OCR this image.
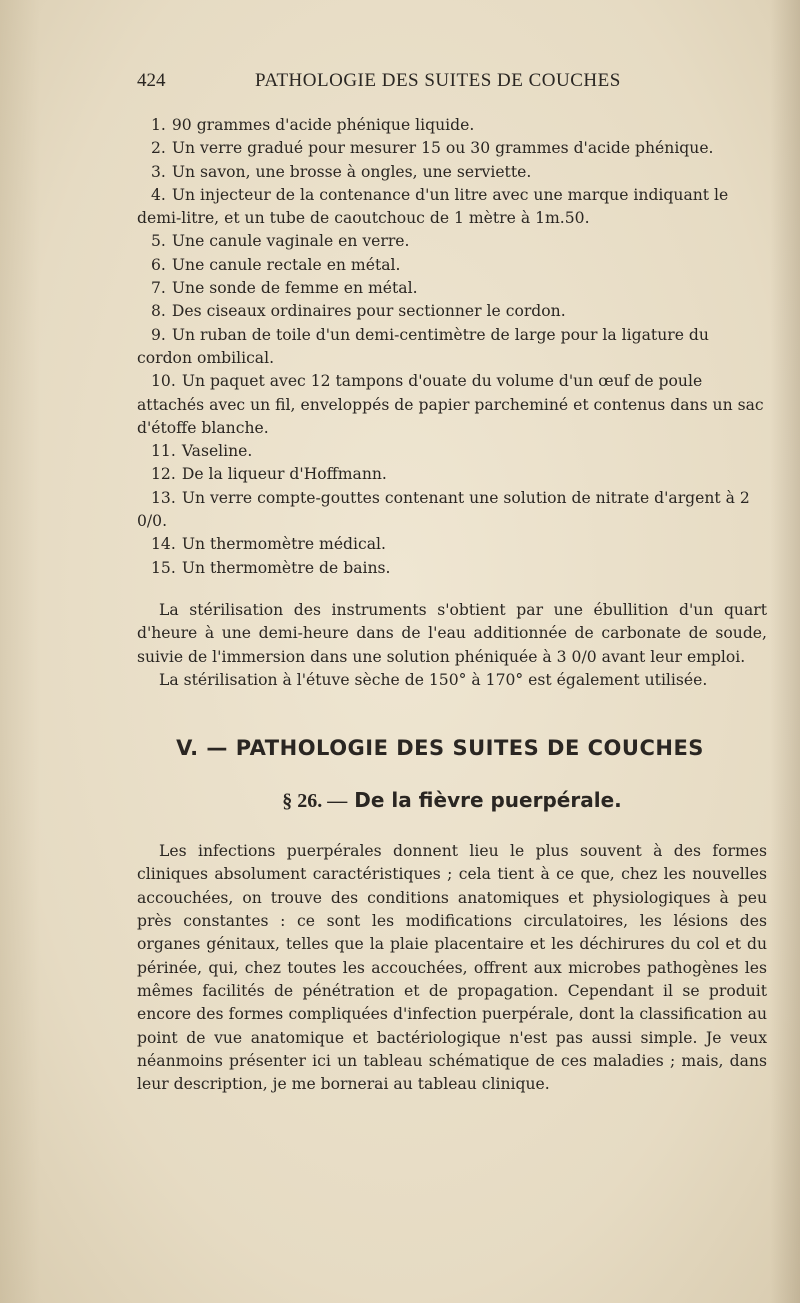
424	PATHOLOGIE DES SUITES DE COUCHES
1. 90 grammes d'acide phénique liquide.
2. Un verre gradué pour mesurer 15 ou 30 grammes d'acide phénique.
3. Un savon, une brosse à ongles, une serviette.
4. Un injecteur de la contenance d'un litre avec une marque indiquant le demi-litre, et un tube de caoutchouc de 1 mètre à 1m.50.
5. Une canule vaginale en verre.
6. Une canule rectale en métal.
7. Une sonde de femme en métal.
8. Des ciseaux ordinaires pour sectionner le cordon.
9. Un ruban de toile d'un demi-centimètre de large pour la ligature du cordon ombilical.
10. Un paquet avec 12 tampons d'ouate du volume d'un œuf de poule attachés avec un fil, enveloppés de papier parcheminé et contenus dans un sac d'étoffe blanche.
11. Vaseline.
12. De la liqueur d'Hoffmann.
13. Un verre compte-gouttes contenant une solution de nitrate d'argent à 2 0/0.
14. Un thermomètre médical.
15. Un thermomètre de bains.

La stérilisation des instruments s'obtient par une ébullition d'un quart d'heure à une demi-heure dans de l'eau additionnée de carbonate de soude, suivie de l'immersion dans une solution phéniquée à 3 0/0 avant leur emploi.

La stérilisation à l'étuve sèche de 150° à 170° est également utilisée.

V. — PATHOLOGIE DES SUITES DE COUCHES
§ 26. — De la fièvre puerpérale.

Les infections puerpérales donnent lieu le plus souvent à des formes cliniques absolument caractéristiques ; cela tient à ce que, chez les nouvelles accouchées, on trouve des conditions anatomiques et physiologiques à peu près constantes : ce sont les modifications circulatoires, les lésions des organes génitaux, telles que la plaie placentaire et les déchirures du col et du périnée, qui, chez toutes les accouchées, offrent aux microbes pathogènes les mêmes facilités de pénétration et de propagation. Cependant il se produit encore des formes compliquées d'infection puerpérale, dont la classification au point de vue anatomique et bactériologique n'est pas aussi simple. Je veux néanmoins présenter ici un tableau schématique de ces maladies ; mais, dans leur description, je me bornerai au tableau clinique.
